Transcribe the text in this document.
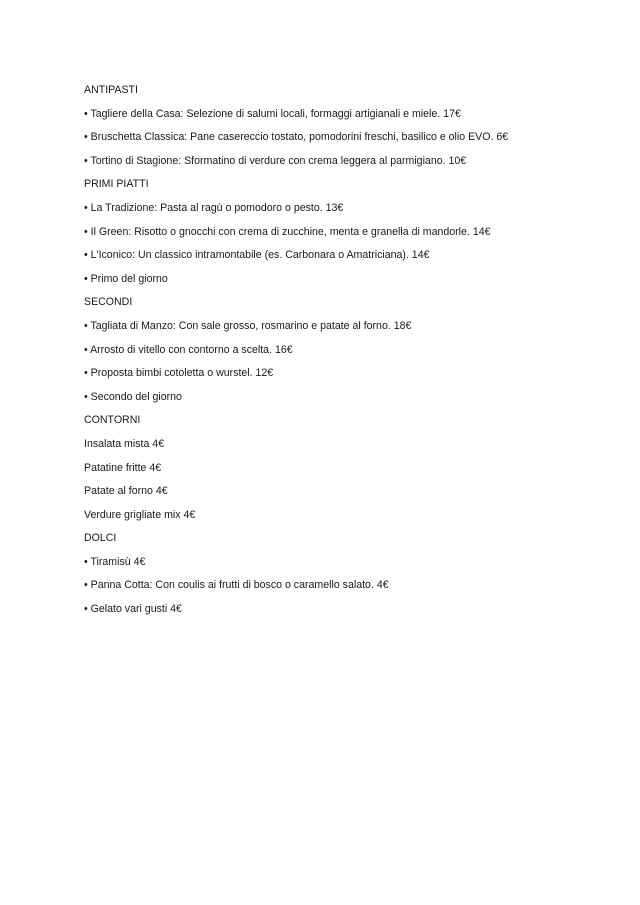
ANTIPASTI
• Tagliere della Casa: Selezione di salumi locali, formaggi artigianali e miele. 17€
• Bruschetta Classica: Pane casereccio tostato, pomodorini freschi, basilico e olio EVO. 6€
• Tortino di Stagione: Sformatino di verdure con crema leggera al parmigiano. 10€
PRIMI PIATTI
• La Tradizione: Pasta al ragù o pomodoro o pesto. 13€
• Il Green: Risotto o gnocchi con crema di zucchine, menta e granella di mandorle. 14€
• L'Iconico: Un classico intramontabile (es. Carbonara o Amatriciana). 14€
• Primo del giorno
SECONDI
• Tagliata di Manzo: Con sale grosso, rosmarino e patate al forno. 18€
• Arrosto di vitello con contorno a scelta. 16€
• Proposta bimbi cotoletta o wurstel. 12€
• Secondo del giorno
CONTORNI
Insalata mista 4€
Patatine fritte 4€
Patate al forno 4€
Verdure grigliate mix 4€
DOLCI
• Tiramisù 4€
• Panna Cotta: Con coulis ai frutti di bosco o caramello salato. 4€
• Gelato vari gusti 4€
